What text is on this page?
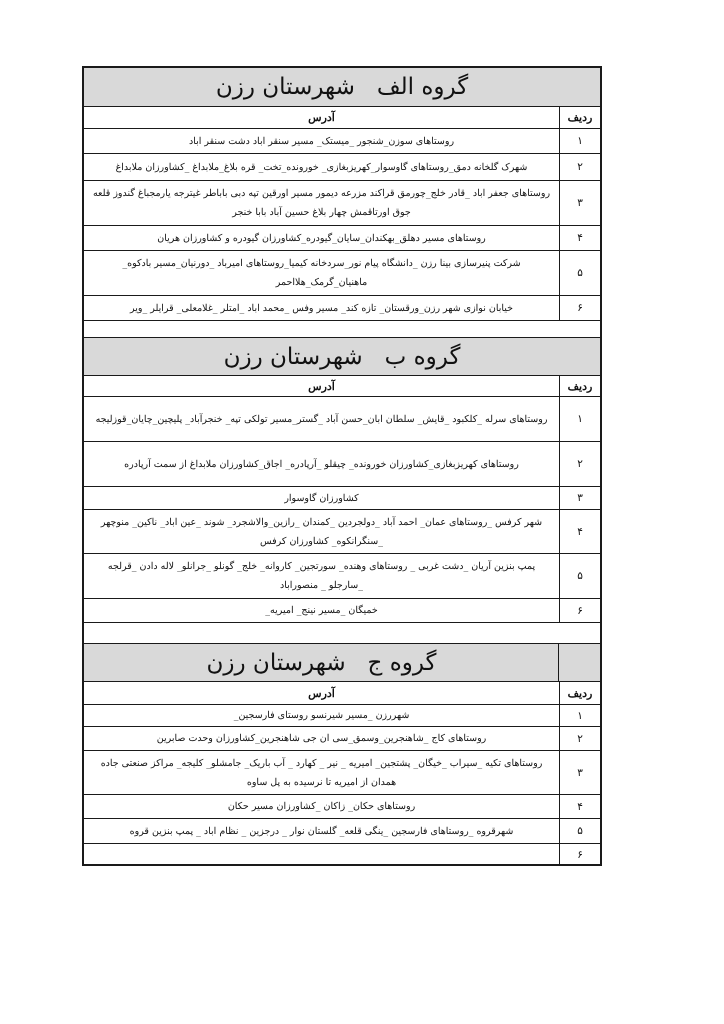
گروه الف   شهرستان رزن
ردیف
آدرس
۱
روستاهای سوزن_شنجور _میستک_ مسیر سنقر اباد دشت سنقر اباد
۲
شهرک گلخانه دمق_روستاهای گاوسوار_کهریزبغازی_ خورونده_تخت_ قره بلاغ_ملابداغ _کشاورزان ملابداغ
۳
روستاهای جعفر اباد _قادر خلج_چورمق قراکند مزرعه دیمور مسیر اورقین تپه دبی باباطر غیترجه یارمجباغ گندوز قلعه جوق اورتاقمش چهار بلاغ حسین آباد بابا خنجر
۴
روستاهای مسیر دهلق_بهکندان_سایان_گیودره_کشاورزان گیودره و کشاورزان هریان
۵
شرکت پنیرسازی بینا رزن _دانشگاه پیام نور_سردخانه کیمیا_روستاهای امیرباد _دورنیان_مسیر بادکوه_ ماهنیان_گرمک_هلااحمر
۶
خیابان نوازی شهر رزن_ورقستان_ تازه کند_ مسیر وفس _محمد اباد _امتلر _غلامعلی_ قرایلر _ویر
گروه ب   شهرستان رزن
ردیف
آدرس
۱
روستاهای سرله _کلکبود _قایش_ سلطان ابان_حسن آباد _گستر_مسیر تولکی تپه_ خنجرآباد_ پلیچین_چایان_قوزلیجه
۲
روستاهای کهریزبغازی_کشاورزان خورونده_ چیقلو _آرپادره_ اجاق_کشاورزان ملابداغ از سمت آرپادره
۳
کشاورزان گاوسوار
۴
شهر کرفس _روستاهای عمان_ احمد آباد _دولجردین _کمندان _رازین_والاشجرد_ شوند _عین اباد_ ناکین_ منوچهر _سنگرانکوه_ کشاورزان کرفس
۵
پمپ بنزین آریان _دشت غربی _ روستاهای وهنده_ سورتجین_ کاروانه_ خلج_ گونلو _جرانلو_ لاله دادن _قرلجه _سارجلو _ منصوراباد
۶
خمیگان _مسیر نینج_ امیریه_
گروه ج   شهرستان رزن
ردیف
آدرس
۱
شهررزن _مسیر شیرنسو روستای فارسجین_
۲
روستاهای کاج _شاهنجرین_وسمق_سی ان جی شاهنجرین_کشاورزان وحدت صابرین
۳
روستاهای تکیه _سیراب _خیگان_ پشتجین_ امیریه _ نیر _ کهارد _ آب باریک_ جامشلو_ کلیجه_ مراکز صنعتی جاده همدان از امیریه تا نرسیده به پل ساوه
۴
روستاهای حکان_ زاکان _کشاورزان مسیر حکان
۵
شهرقروه _روستاهای فارسجین _ینگی قلعه_ گلستان نوار _ درجزین _ نظام اباد _ پمپ بنزین قروه
۶
